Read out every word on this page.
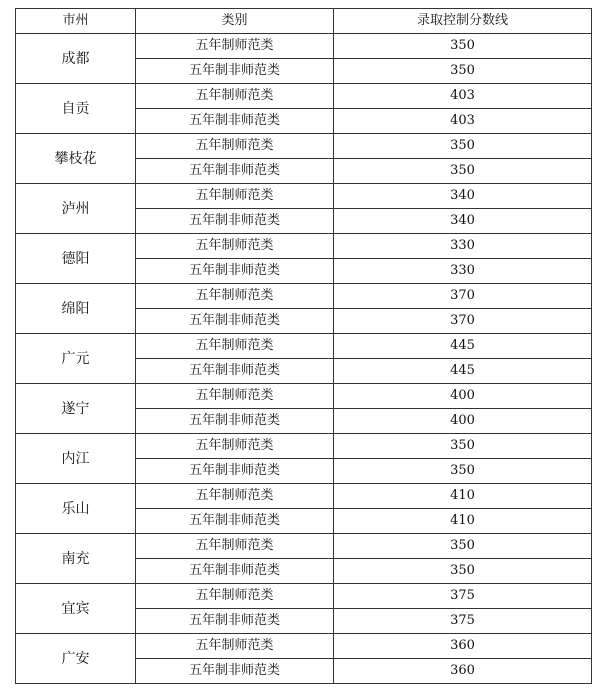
市州	类别	录取控制分数线
成都	五年制师范类	350
	五年制非师范类	350
自贡	五年制师范类	403
	五年制非师范类	403
攀枝花	五年制师范类	350
	五年制非师范类	350
泸州	五年制师范类	340
	五年制非师范类	340
德阳	五年制师范类	330
	五年制非师范类	330
绵阳	五年制师范类	370
	五年制非师范类	370
广元	五年制师范类	445
	五年制非师范类	445
遂宁	五年制师范类	400
	五年制非师范类	400
内江	五年制师范类	350
	五年制非师范类	350
乐山	五年制师范类	410
	五年制非师范类	410
南充	五年制师范类	350
	五年制非师范类	350
宜宾	五年制师范类	375
	五年制非师范类	375
广安	五年制师范类	360
	五年制非师范类	360
